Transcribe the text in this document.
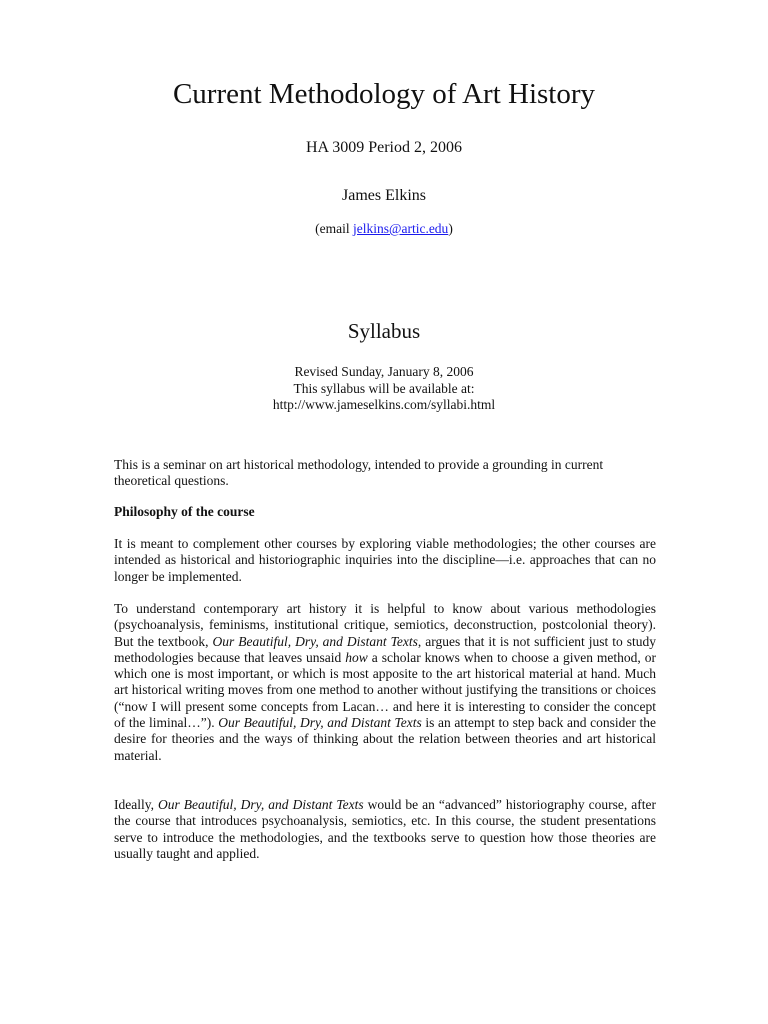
Current Methodology of Art History
HA 3009 Period 2, 2006
James Elkins
(email jelkins@artic.edu)
Syllabus
Revised Sunday, January 8, 2006
This syllabus will be available at:
http://www.jameselkins.com/syllabi.html
This is a seminar on art historical methodology, intended to provide a grounding in current theoretical questions.
Philosophy of the course
It is meant to complement other courses by exploring viable methodologies; the other courses are intended as historical and historiographic inquiries into the discipline—i.e. approaches that can no longer be implemented.
To understand contemporary art history it is helpful to know about various methodologies (psychoanalysis, feminisms, institutional critique, semiotics, deconstruction, postcolonial theory). But the textbook, Our Beautiful, Dry, and Distant Texts, argues that it is not sufficient just to study methodologies because that leaves unsaid how a scholar knows when to choose a given method, or which one is most important, or which is most apposite to the art historical material at hand. Much art historical writing moves from one method to another without justifying the transitions or choices (“now I will present some concepts from Lacan… and here it is interesting to consider the concept of the liminal…”). Our Beautiful, Dry, and Distant Texts is an attempt to step back and consider the desire for theories and the ways of thinking about the relation between theories and art historical material.
Ideally, Our Beautiful, Dry, and Distant Texts would be an “advanced” historiography course, after the course that introduces psychoanalysis, semiotics, etc. In this course, the student presentations serve to introduce the methodologies, and the textbooks serve to question how those theories are usually taught and applied.
